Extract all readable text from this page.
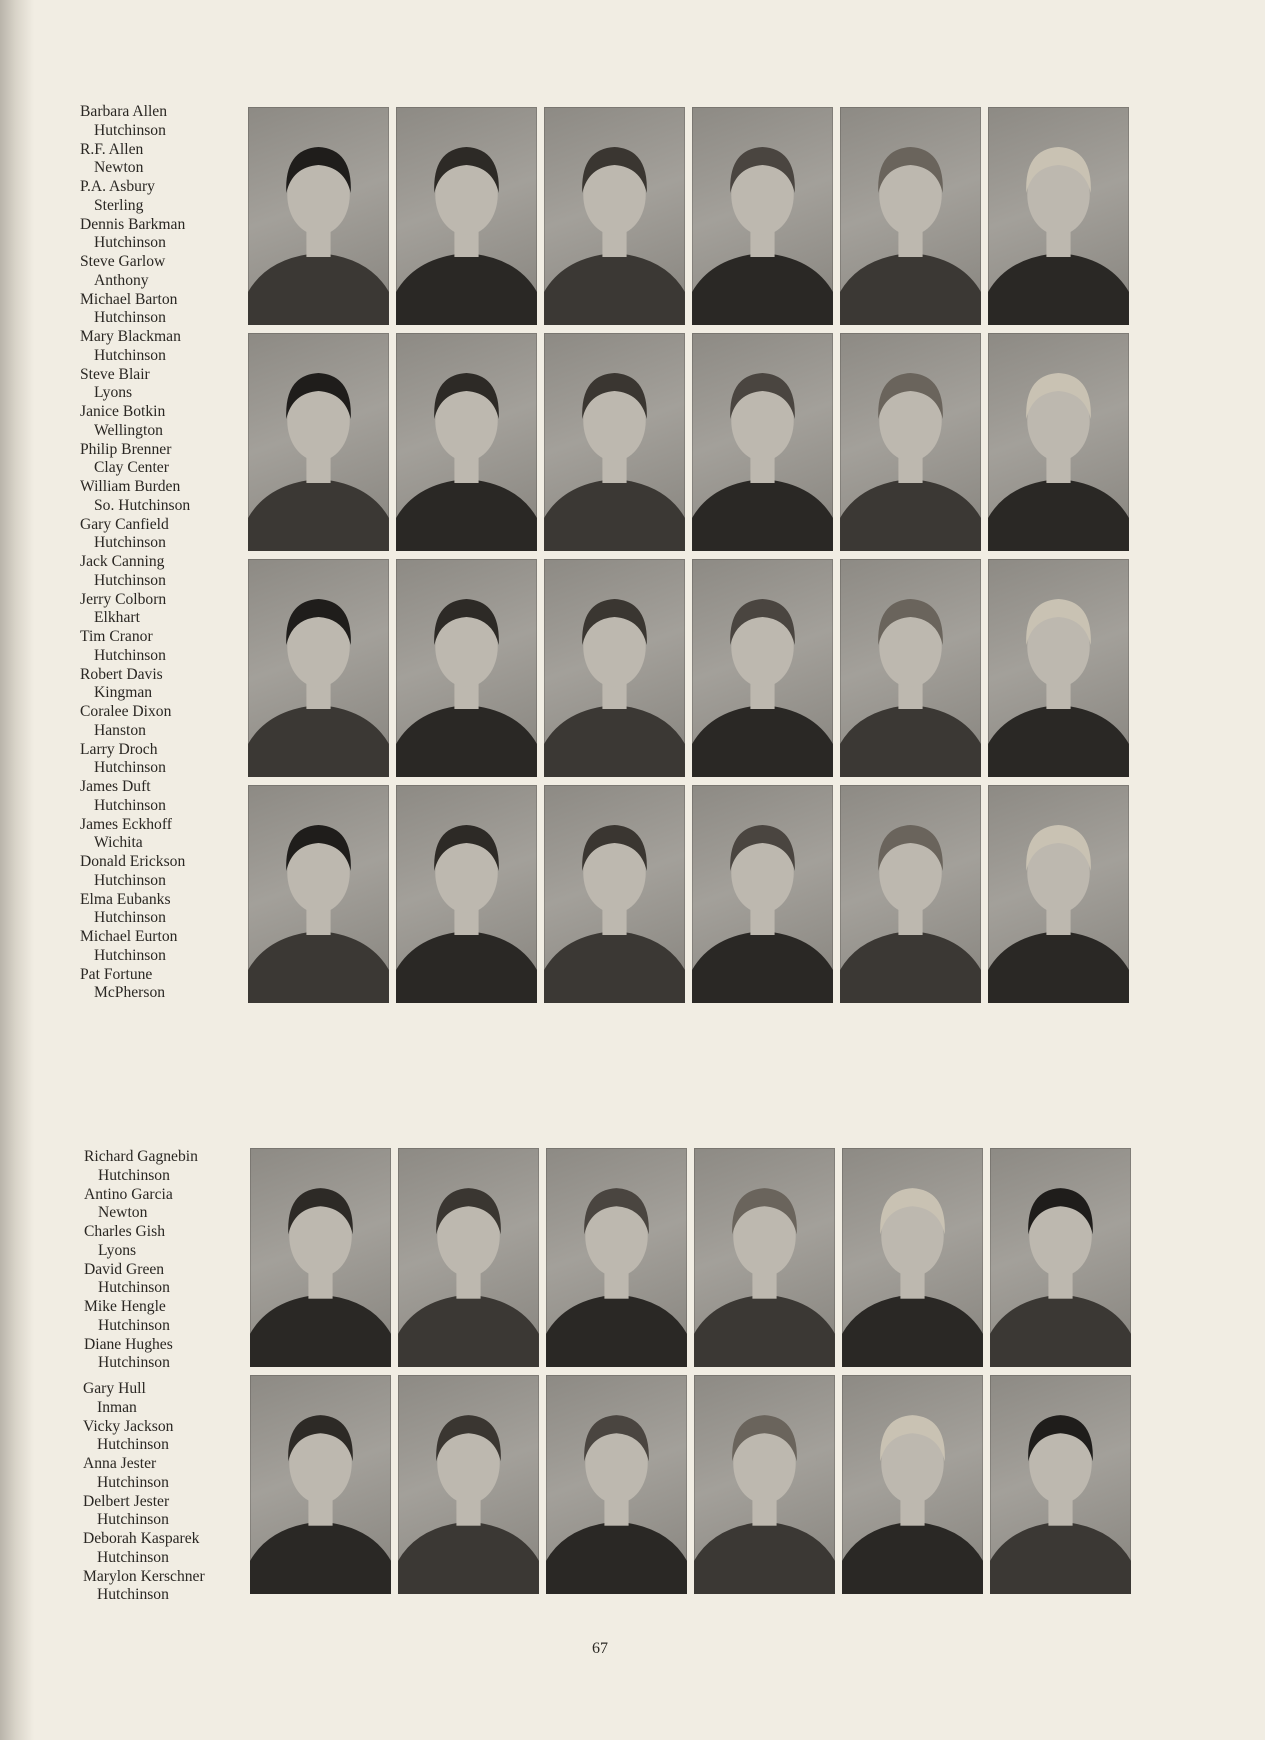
Barbara Allen
Hutchinson
R.F. Allen
Newton
P.A. Asbury
Sterling
Dennis Barkman
Hutchinson
Steve Garlow
Anthony
Michael Barton
Hutchinson
Mary Blackman
Hutchinson
Steve Blair
Lyons
Janice Botkin
Wellington
Philip Brenner
Clay Center
William Burden
So. Hutchinson
Gary Canfield
Hutchinson
Jack Canning
Hutchinson
Jerry Colborn
Elkhart
Tim Cranor
Hutchinson
Robert Davis
Kingman
Coralee Dixon
Hanston
Larry Droch
Hutchinson
James Duft
Hutchinson
James Eckhoff
Wichita
Donald Erickson
Hutchinson
Elma Eubanks
Hutchinson
Michael Eurton
Hutchinson
Pat Fortune
McPherson
Richard Gagnebin
Hutchinson
Antino Garcia
Newton
Charles Gish
Lyons
David Green
Hutchinson
Mike Hengle
Hutchinson
Diane Hughes
Hutchinson
Gary Hull
Inman
Vicky Jackson
Hutchinson
Anna Jester
Hutchinson
Delbert Jester
Hutchinson
Deborah Kasparek
Hutchinson
Marylon Kerschner
Hutchinson
67
